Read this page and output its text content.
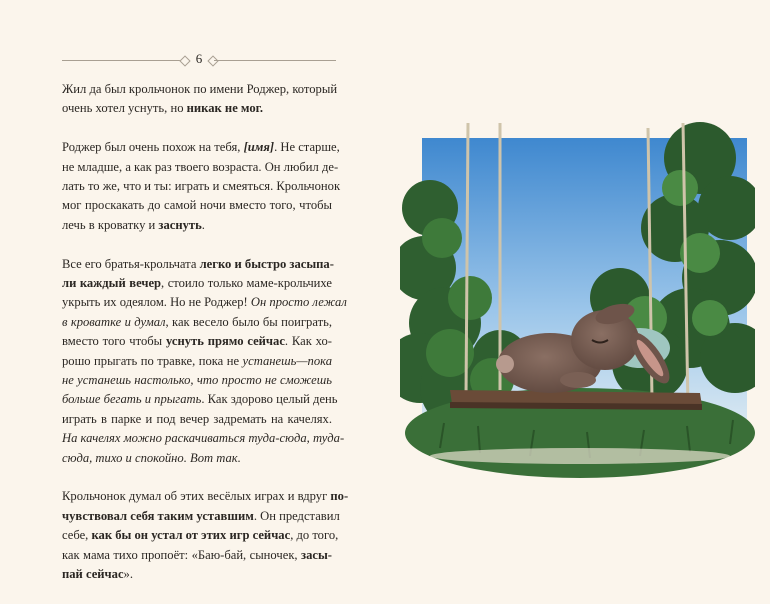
6

Жил да был крольчонок по имени Роджер, который
очень хотел уснуть, но никак не мог.

Роджер был очень похож на тебя, [имя]. Не старше,
не младше, а как раз твоего возраста. Он любил де-
лать то же, что и ты: играть и смеяться. Крольчонок
мог проскакать до самой ночи вместо того, чтобы
лечь в кроватку и заснуть.

Все его братья-крольчата легко и быстро засыпа-
ли каждый вечер, стоило только маме-крольчихе
укрыть их одеялом. Но не Роджер! Он просто лежал
в кроватке и думал, как весело было бы поиграть,
вместо того чтобы уснуть прямо сейчас. Как хо-
рошо прыгать по травке, пока не устанешь—пока
не устанешь настолько, что просто не сможешь
больше бегать и прыгать. Как здорово целый день
играть в парке и под вечер задремать на качелях.
На качелях можно раскачиваться туда-сюда, туда-
сюда, тихо и спокойно. Вот так.

Крольчонок думал об этих весёлых играх и вдруг по-
чувствовал себя таким уставшим. Он представил
себе, как бы он устал от этих игр сейчас, до того,
как мама тихо пропоёт: «Баю-бай, сыночек, засы-
пай сейчас».
